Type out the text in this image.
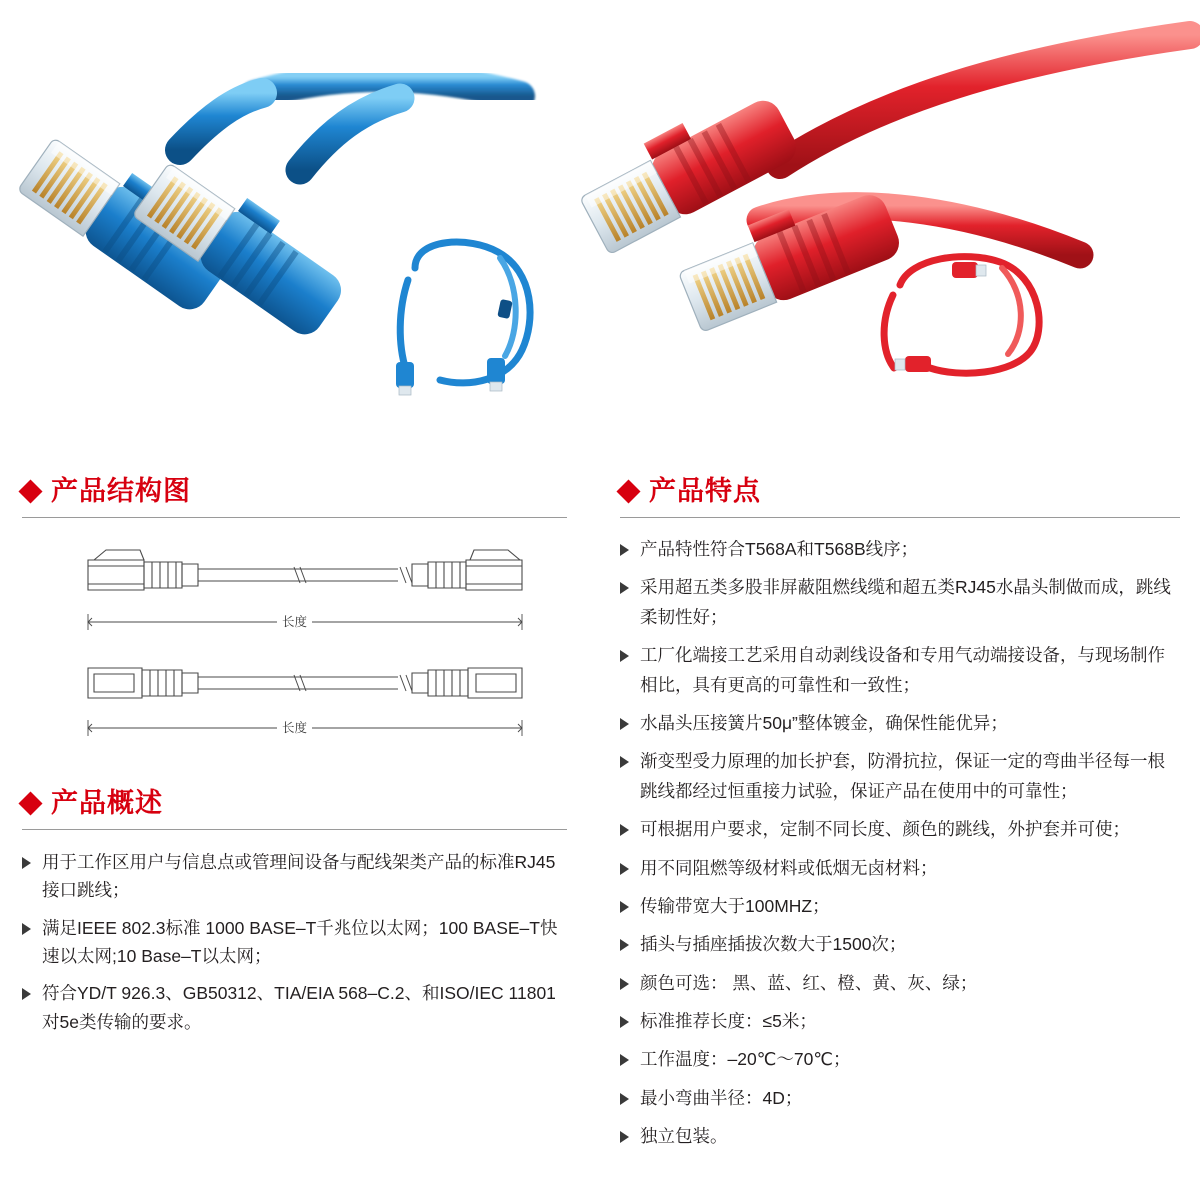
产品结构图
长度
长度
产品概述
用于工作区用户与信息点或管理间设备与配线架类产品的标准RJ45接口跳线；
满足IEEE 802.3标准 1000 BASE–T千兆位以太网；100 BASE–T快速以太网;10 Base–T以太网；
符合YD/T 926.3、GB50312、TIA/EIA 568–C.2、和ISO/IEC 11801对5e类传输的要求。
产品特点
产品特性符合T568A和T568B线序；
采用超五类多股非屏蔽阻燃线缆和超五类RJ45水晶头制做而成，跳线柔韧性好；
工厂化端接工艺采用自动剥线设备和专用气动端接设备，与现场制作相比，具有更高的可靠性和一致性；
水晶头压接簧片50μ”整体镀金，确保性能优异；
渐变型受力原理的加长护套，防滑抗拉，保证一定的弯曲半径每一根跳线都经过恒重接力试验，保证产品在使用中的可靠性；
可根据用户要求，定制不同长度、颜色的跳线，外护套并可使；
用不同阻燃等级材料或低烟无卤材料；
传输带宽大于100MHZ；
插头与插座插拔次数大于1500次；
颜色可选： 黑、蓝、红、橙、黄、灰、绿；
标准推荐长度：≤5米；
工作温度：–20℃～70℃；
最小弯曲半径：4D；
独立包装。
